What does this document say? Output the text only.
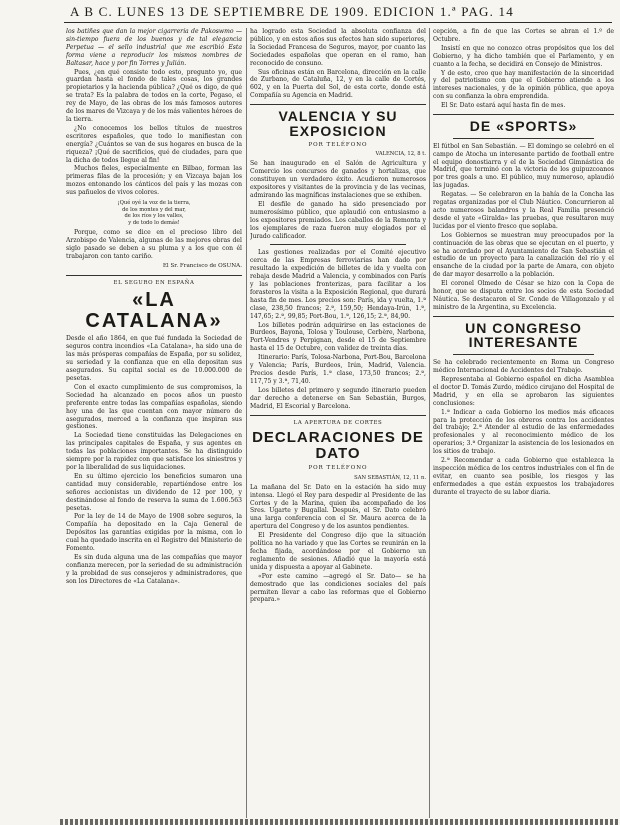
A B C. LUNES 13 DE SEPTIEMBRE DE 1909. EDICION 1.ª PAG. 14

los batiñes que dan la mejor cigarrería de Pakoswmo — sin-tiempo fuera de los buenos y de tal elegancia Perpetua — el sello industrial que me escribió Esta forma viene a reproducir los mismos nombres de Baltasar, hace y por fin Torres y Julián.

Pues, ¿en qué consiste todo esto, pregunto yo, que guardan hasta el fondo de tales cosas, los grandes propietarios y la hacienda pública? ¿Qué os digo, de qué se trata? Es la palabra de todos en la corte, Pegaso, el rey de Mayo, de las obras de los más famosos autores de los mares de Vizcaya y de los más valientes héroes de la tierra.

¿No conocemos los bellos títulos de nuestros escritores españoles, que todo lo manifiestan con energía? ¿Cuántos se van de sus hogares en busca de la riqueza? ¡Qué de sacrificios, qué de ciudades, para que la dicha de todos llegue al fin!

Muchos fieles, especialmente en Bilbao, forman las primeras filas de la procesión; y en Vizcaya bajan los mozos entonando los cánticos del país y las mozas con sus pañuelos de vivos colores.

¡Qué oyé la voz de la tierra,
de los montes y del mar,
de los ríos y los valles,
y de todo lo demás!

Porque, como se dice en el precioso libro del Arzobispo de Valencia, algunas de las mejores obras del siglo pasado se deben a su pluma y a los que con él trabajaron con tanto cariño.

El Sr. Francisco de OSUNA.
EL SEGURO EN ESPAÑA
«LA CATALANA»

Desde el año 1864, en que fué fundada la Sociedad de seguros contra incendios «La Catalana», ha sido una de las más prósperas compañías de España, por su solidez, su seriedad y la confianza que en ella depositan sus asegurados. Su capital social es de 10.000.000 de pesetas.

Con el exacto cumplimiento de sus compromisos, la Sociedad ha alcanzado en pocos años un puesto preferente entre todas las compañías españolas, siendo hoy una de las que cuentan con mayor número de asegurados, merced a la confianza que inspiran sus gestiones.

La Sociedad tiene constituidas las Delegaciones en las principales capitales de España, y sus agentes en todas las poblaciones importantes. Se ha distinguido siempre por la rapidez con que satisface los siniestros y por la liberalidad de sus liquidaciones.

En su último ejercicio los beneficios sumaron una cantidad muy considerable, repartiéndose entre los señores accionistas un dividendo de 12 por 100, y destinándose al fondo de reserva la suma de 1.606.563 pesetas.

Por la ley de 14 de Mayo de 1908 sobre seguros, la Compañía ha depositado en la Caja General de Depósitos las garantías exigidas por la misma, con lo cual ha quedado inscrita en el Registro del Ministerio de Fomento.

Es sin duda alguna una de las compañías que mayor confianza merecen, por la seriedad de su administración y la probidad de sus consejeros y administradores, que son los Directores de «La Catalana».

ha logrado esta Sociedad la absoluta confianza del público, y en estos años sus efectos han sido superiores, la Sociedad Francesa de Seguros, mayor, por cuanto las Sociedades españolas que operan en el ramo, han reconocido de consuno.

Sus oficinas están en Barcelona, dirección en la calle de Zurbano, de Cataluña, 12, y en la calle de Cortés, 602, y en la Puerta del Sol, de esta corte, donde está Compañía su Agencia en Madrid.

VALENCIA Y SU EXPOSICION
POR TELÉFONO
VALENCIA, 12, 8 t.

Se han inaugurado en el Salón de Agricultura y Comercio los concursos de ganados y hortalizas, que constituyen un verdadero éxito. Acudieron numerosos expositores y visitantes de la provincia y de las vecinas, admirando las magníficas instalaciones que se exhiben.

El desfile de ganado ha sido presenciado por numerosísimo público, que aplaudió con entusiasmo a los expositores premiados. Los caballos de la Remonta y los ejemplares de raza fueron muy elogiados por el Jurado calificador.

Las gestiones realizadas por el Comité ejecutivo cerca de las Empresas ferroviarias han dado por resultado la expedición de billetes de ida y vuelta con rebaja desde Madrid a Valencia, y combinados con París y las poblaciones fronterizas, para facilitar a los forasteros la visita a la Exposición Regional, que durará hasta fin de mes. Los precios son: París, ida y vuelta, 1.ª clase, 238,50 francos; 2.ª, 159,50; Hendaya-Irún, 1.ª, 147,65; 2.ª, 99,85; Port-Bou, 1.ª, 126,15; 2.ª, 84,90.

Los billetes podrán adquirirse en las estaciones de Burdeos, Bayona, Tolosa y Toulouse, Cerbère, Narbona, Port-Vendres y Perpignan, desde el 15 de Septiembre hasta el 15 de Octubre, con validez de treinta días.

Itinerario: París, Tolosa-Narbona, Port-Bou, Barcelona y Valencia; París, Burdeos, Irún, Madrid, Valencia. Precios desde París, 1.ª clase, 173,50 francos; 2.ª, 117,75 y 3.ª, 71,40.

Los billetes del primero y segundo itinerario pueden dar derecho a detenerse en San Sebastián, Burgos, Madrid, El Escorial y Barcelona.

LA APERTURA DE CORTES
DECLARACIONES DE DATO
POR TELÉFONO
SAN SEBASTIÁN, 12, 11 n.

La mañana del Sr. Dato en la estación ha sido muy intensa. Llegó el Rey para despedir al Presidente de las Cortes y de la Marina, quien iba acompañado de los Sres. Ugarte y Bugallal. Después, el Sr. Dato celebró una larga conferencia con el Sr. Maura acerca de la apertura del Congreso y de los asuntos pendientes.

El Presidente del Congreso dijo que la situación política no ha variado y que las Cortes se reunirán en la fecha fijada, acordándose por el Gobierno un reglamento de sesiones. Añadió que la mayoría está unida y dispuesta a apoyar al Gabinete.

«Por este camino —agregó el Sr. Dato— se ha demostrado que las condiciones sociales del país permiten llevar a cabo las reformas que el Gobierno prepara.»

cepción, a fin de que las Cortes se abran el 1.º de Octubre.

Insistí en que no conozco otras propósitos que los del Gobierno, y ha dicho también que el Parlamento, y en cuanto a la fecha, se decidirá en Consejo de Ministros.

Y de esto, creo que hay manifestación de la sinceridad y del patriotismo con que el Gobierno atiende a los intereses nacionales, y de la opinión pública, que apoya con su confianza la obra emprendida.

El Sr. Dato estará aquí hasta fin de mes.

DE «SPORTS»

El fútbol en San Sebastián. — El domingo se celebró en el campo de Atocha un interesante partido de football entre el equipo donostiarra y el de la Sociedad Gimnástica de Madrid, que terminó con la victoria de los guipuzcoanos por tres goals a uno. El público, muy numeroso, aplaudió las jugadas.

Regatas. — Se celebraron en la bahía de la Concha las regatas organizadas por el Club Náutico. Concurrieron al acto numerosos balandros y la Real Familia presenció desde el yate «Giralda» las pruebas, que resultaron muy lucidas por el viento fresco que soplaba.

Los Gobiernos se muestran muy preocupados por la continuación de las obras que se ejecutan en el puerto, y se ha acordado por el Ayuntamiento de San Sebastián el estudio de un proyecto para la canalización del río y el ensanche de la ciudad por la parte de Amara, con objeto de dar mayor desarrollo a la población.

El coronel Olmedo de César se hizo con la Copa de honor, que se disputa entre los socios de esta Sociedad Náutica. Se destacaron el Sr. Conde de Villagonzalo y el ministro de la Argentina, su Excelencia.

UN CONGRESO INTERESANTE

Se ha celebrado recientemente en Roma un Congreso médico Internacional de Accidentes del Trabajo.

Representaba al Gobierno español en dicha Asamblea el doctor D. Tomás Zurdo, médico cirujano del Hospital de Madrid, y en ella se aprobaron las siguientes conclusiones:

1.ª Indicar a cada Gobierno los medios más eficaces para la protección de los obreros contra los accidentes del trabajo; 2.ª Atender al estudio de las enfermedades profesionales y al reconocimiento médico de los operarios; 3.ª Organizar la asistencia de los lesionados en los sitios de trabajo.

2.ª Recomendar a cada Gobierno que establezca la inspección médica de los centros industriales con el fin de evitar, en cuanto sea posible, los riesgos y las enfermedades a que están expuestos los trabajadores durante el trayecto de su labor diaria.
